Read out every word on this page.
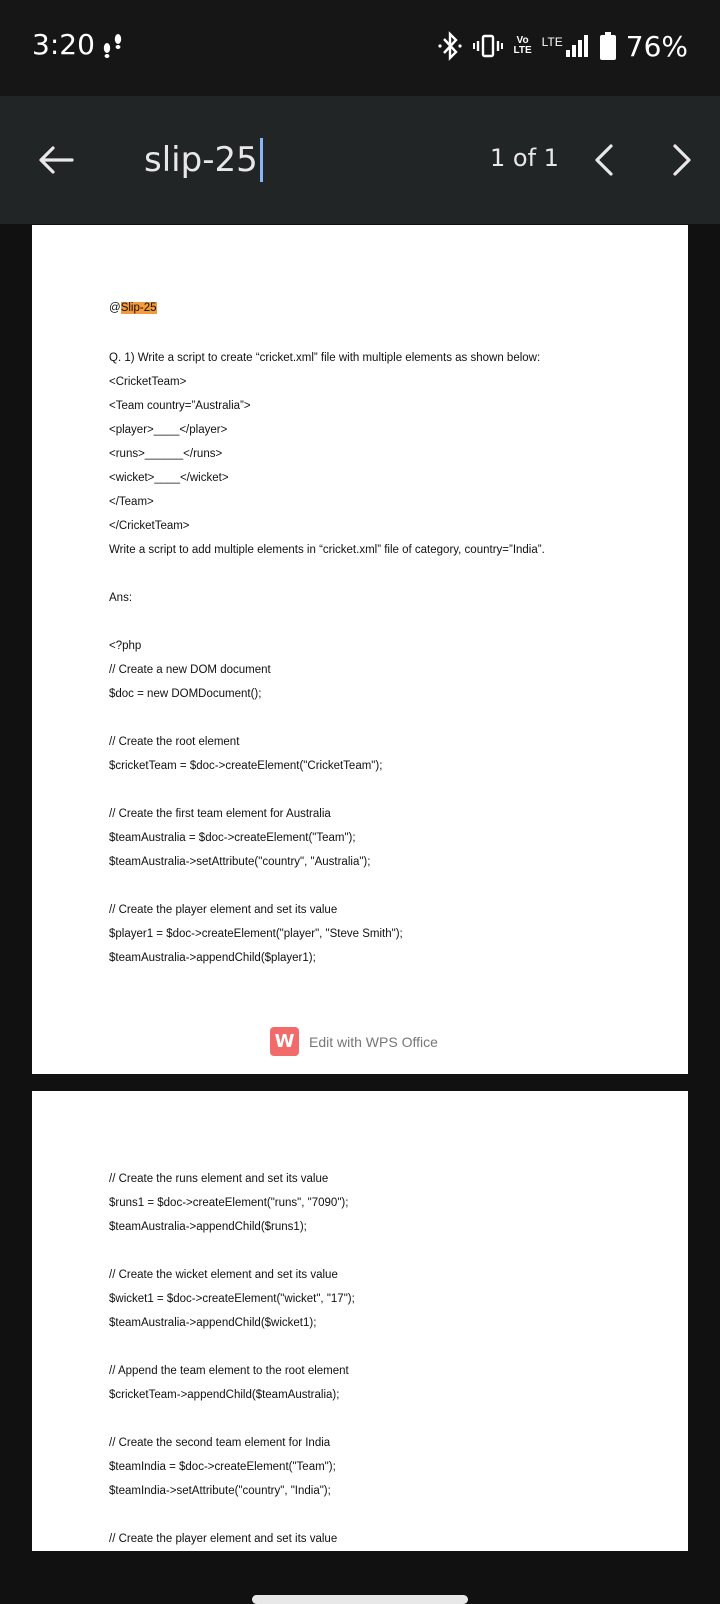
3:20	Vo
LTE
LTE 76%
slip-25	1 of 1
@Slip-25
Q. 1) Write a script to create “cricket.xml” file with multiple elements as shown below:
<CricketTeam>
<Team country=”Australia”>
<player>____</player>
<runs>______</runs>
<wicket>____</wicket>
</Team>
</CricketTeam>
Write a script to add multiple elements in “cricket.xml” file of category, country=”India”.
Ans:
<?php
// Create a new DOM document
$doc = new DOMDocument();
// Create the root element
$cricketTeam = $doc->createElement("CricketTeam");
// Create the first team element for Australia
$teamAustralia = $doc->createElement("Team");
$teamAustralia->setAttribute("country", "Australia");
// Create the player element and set its value
$player1 = $doc->createElement("player", "Steve Smith");
$teamAustralia->appendChild($player1);
W	Edit with WPS Office
// Create the runs element and set its value
$runs1 = $doc->createElement("runs", "7090");
$teamAustralia->appendChild($runs1);
// Create the wicket element and set its value
$wicket1 = $doc->createElement("wicket", "17");
$teamAustralia->appendChild($wicket1);
// Append the team element to the root element
$cricketTeam->appendChild($teamAustralia);
// Create the second team element for India
$teamIndia = $doc->createElement("Team");
$teamIndia->setAttribute("country", "India");
// Create the player element and set its value
